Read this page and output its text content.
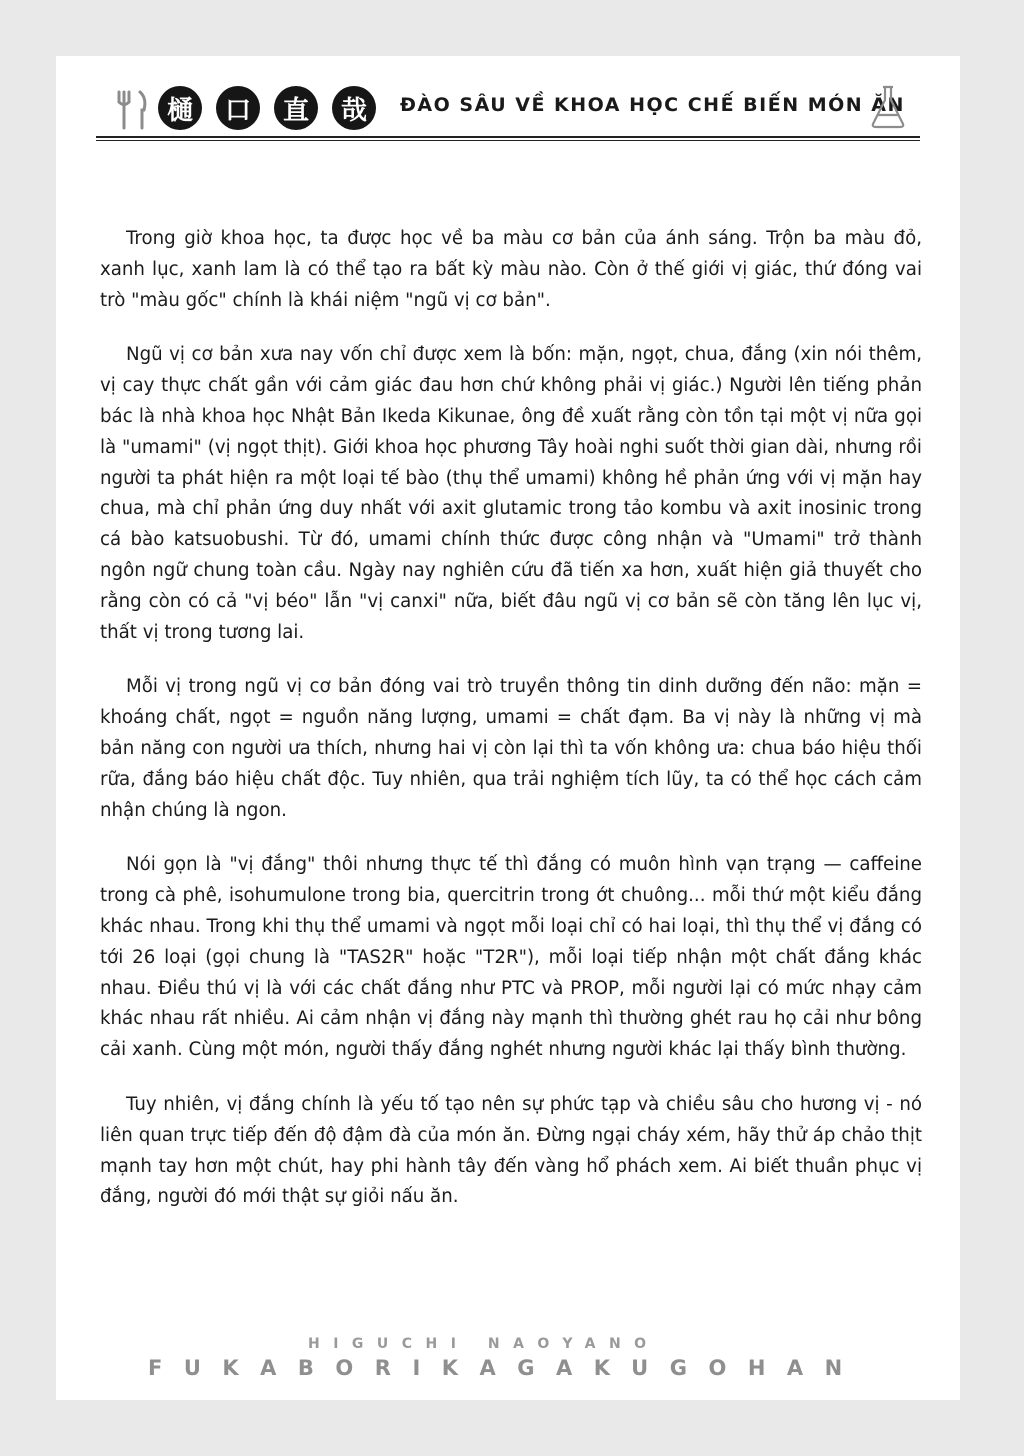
樋	口	直	哉	ĐÀO SÂU VỀ KHOA HỌC CHẾ BIẾN MÓN ĂN

Trong giờ khoa học, ta được học về ba màu cơ bản của ánh sáng. Trộn ba màu đỏ, xanh lục, xanh lam là có thể tạo ra bất kỳ màu nào. Còn ở thế giới vị giác, thứ đóng vai trò "màu gốc" chính là khái niệm "ngũ vị cơ bản".

Ngũ vị cơ bản xưa nay vốn chỉ được xem là bốn: mặn, ngọt, chua, đắng (xin nói thêm, vị cay thực chất gần với cảm giác đau hơn chứ không phải vị giác.) Người lên tiếng phản bác là nhà khoa học Nhật Bản Ikeda Kikunae, ông đề xuất rằng còn tồn tại một vị nữa gọi là "umami" (vị ngọt thịt). Giới khoa học phương Tây hoài nghi suốt thời gian dài, nhưng rồi người ta phát hiện ra một loại tế bào (thụ thể umami) không hề phản ứng với vị mặn hay chua, mà chỉ phản ứng duy nhất với axit glutamic trong tảo kombu và axit inosinic trong cá bào katsuobushi. Từ đó, umami chính thức được công nhận và "Umami" trở thành ngôn ngữ chung toàn cầu. Ngày nay nghiên cứu đã tiến xa hơn, xuất hiện giả thuyết cho rằng còn có cả "vị béo" lẫn "vị canxi" nữa, biết đâu ngũ vị cơ bản sẽ còn tăng lên lục vị, thất vị trong tương lai.

Mỗi vị trong ngũ vị cơ bản đóng vai trò truyền thông tin dinh dưỡng đến não: mặn = khoáng chất, ngọt = nguồn năng lượng, umami = chất đạm. Ba vị này là những vị mà bản năng con người ưa thích, nhưng hai vị còn lại thì ta vốn không ưa: chua báo hiệu thối rữa, đắng báo hiệu chất độc. Tuy nhiên, qua trải nghiệm tích lũy, ta có thể học cách cảm nhận chúng là ngon.

Nói gọn là "vị đắng" thôi nhưng thực tế thì đắng có muôn hình vạn trạng — caffeine trong cà phê, isohumulone trong bia, quercitrin trong ớt chuông... mỗi thứ một kiểu đắng khác nhau. Trong khi thụ thể umami và ngọt mỗi loại chỉ có hai loại, thì thụ thể vị đắng có tới 26 loại (gọi chung là "TAS2R" hoặc "T2R"), mỗi loại tiếp nhận một chất đắng khác nhau. Điều thú vị là với các chất đắng như PTC và PROP, mỗi người lại có mức nhạy cảm khác nhau rất nhiều. Ai cảm nhận vị đắng này mạnh thì thường ghét rau họ cải như bông cải xanh. Cùng một món, người thấy đắng nghét nhưng người khác lại thấy bình thường.

Tuy nhiên, vị đắng chính là yếu tố tạo nên sự phức tạp và chiều sâu cho hương vị - nó liên quan trực tiếp đến độ đậm đà của món ăn. Đừng ngại cháy xém, hãy thử áp chảo thịt mạnh tay hơn một chút, hay phi hành tây đến vàng hổ phách xem. Ai biết thuần phục vị đắng, người đó mới thật sự giỏi nấu ăn.

HIGUCHI NAOYANO
FUKABORIKAGAKUGOHAN
